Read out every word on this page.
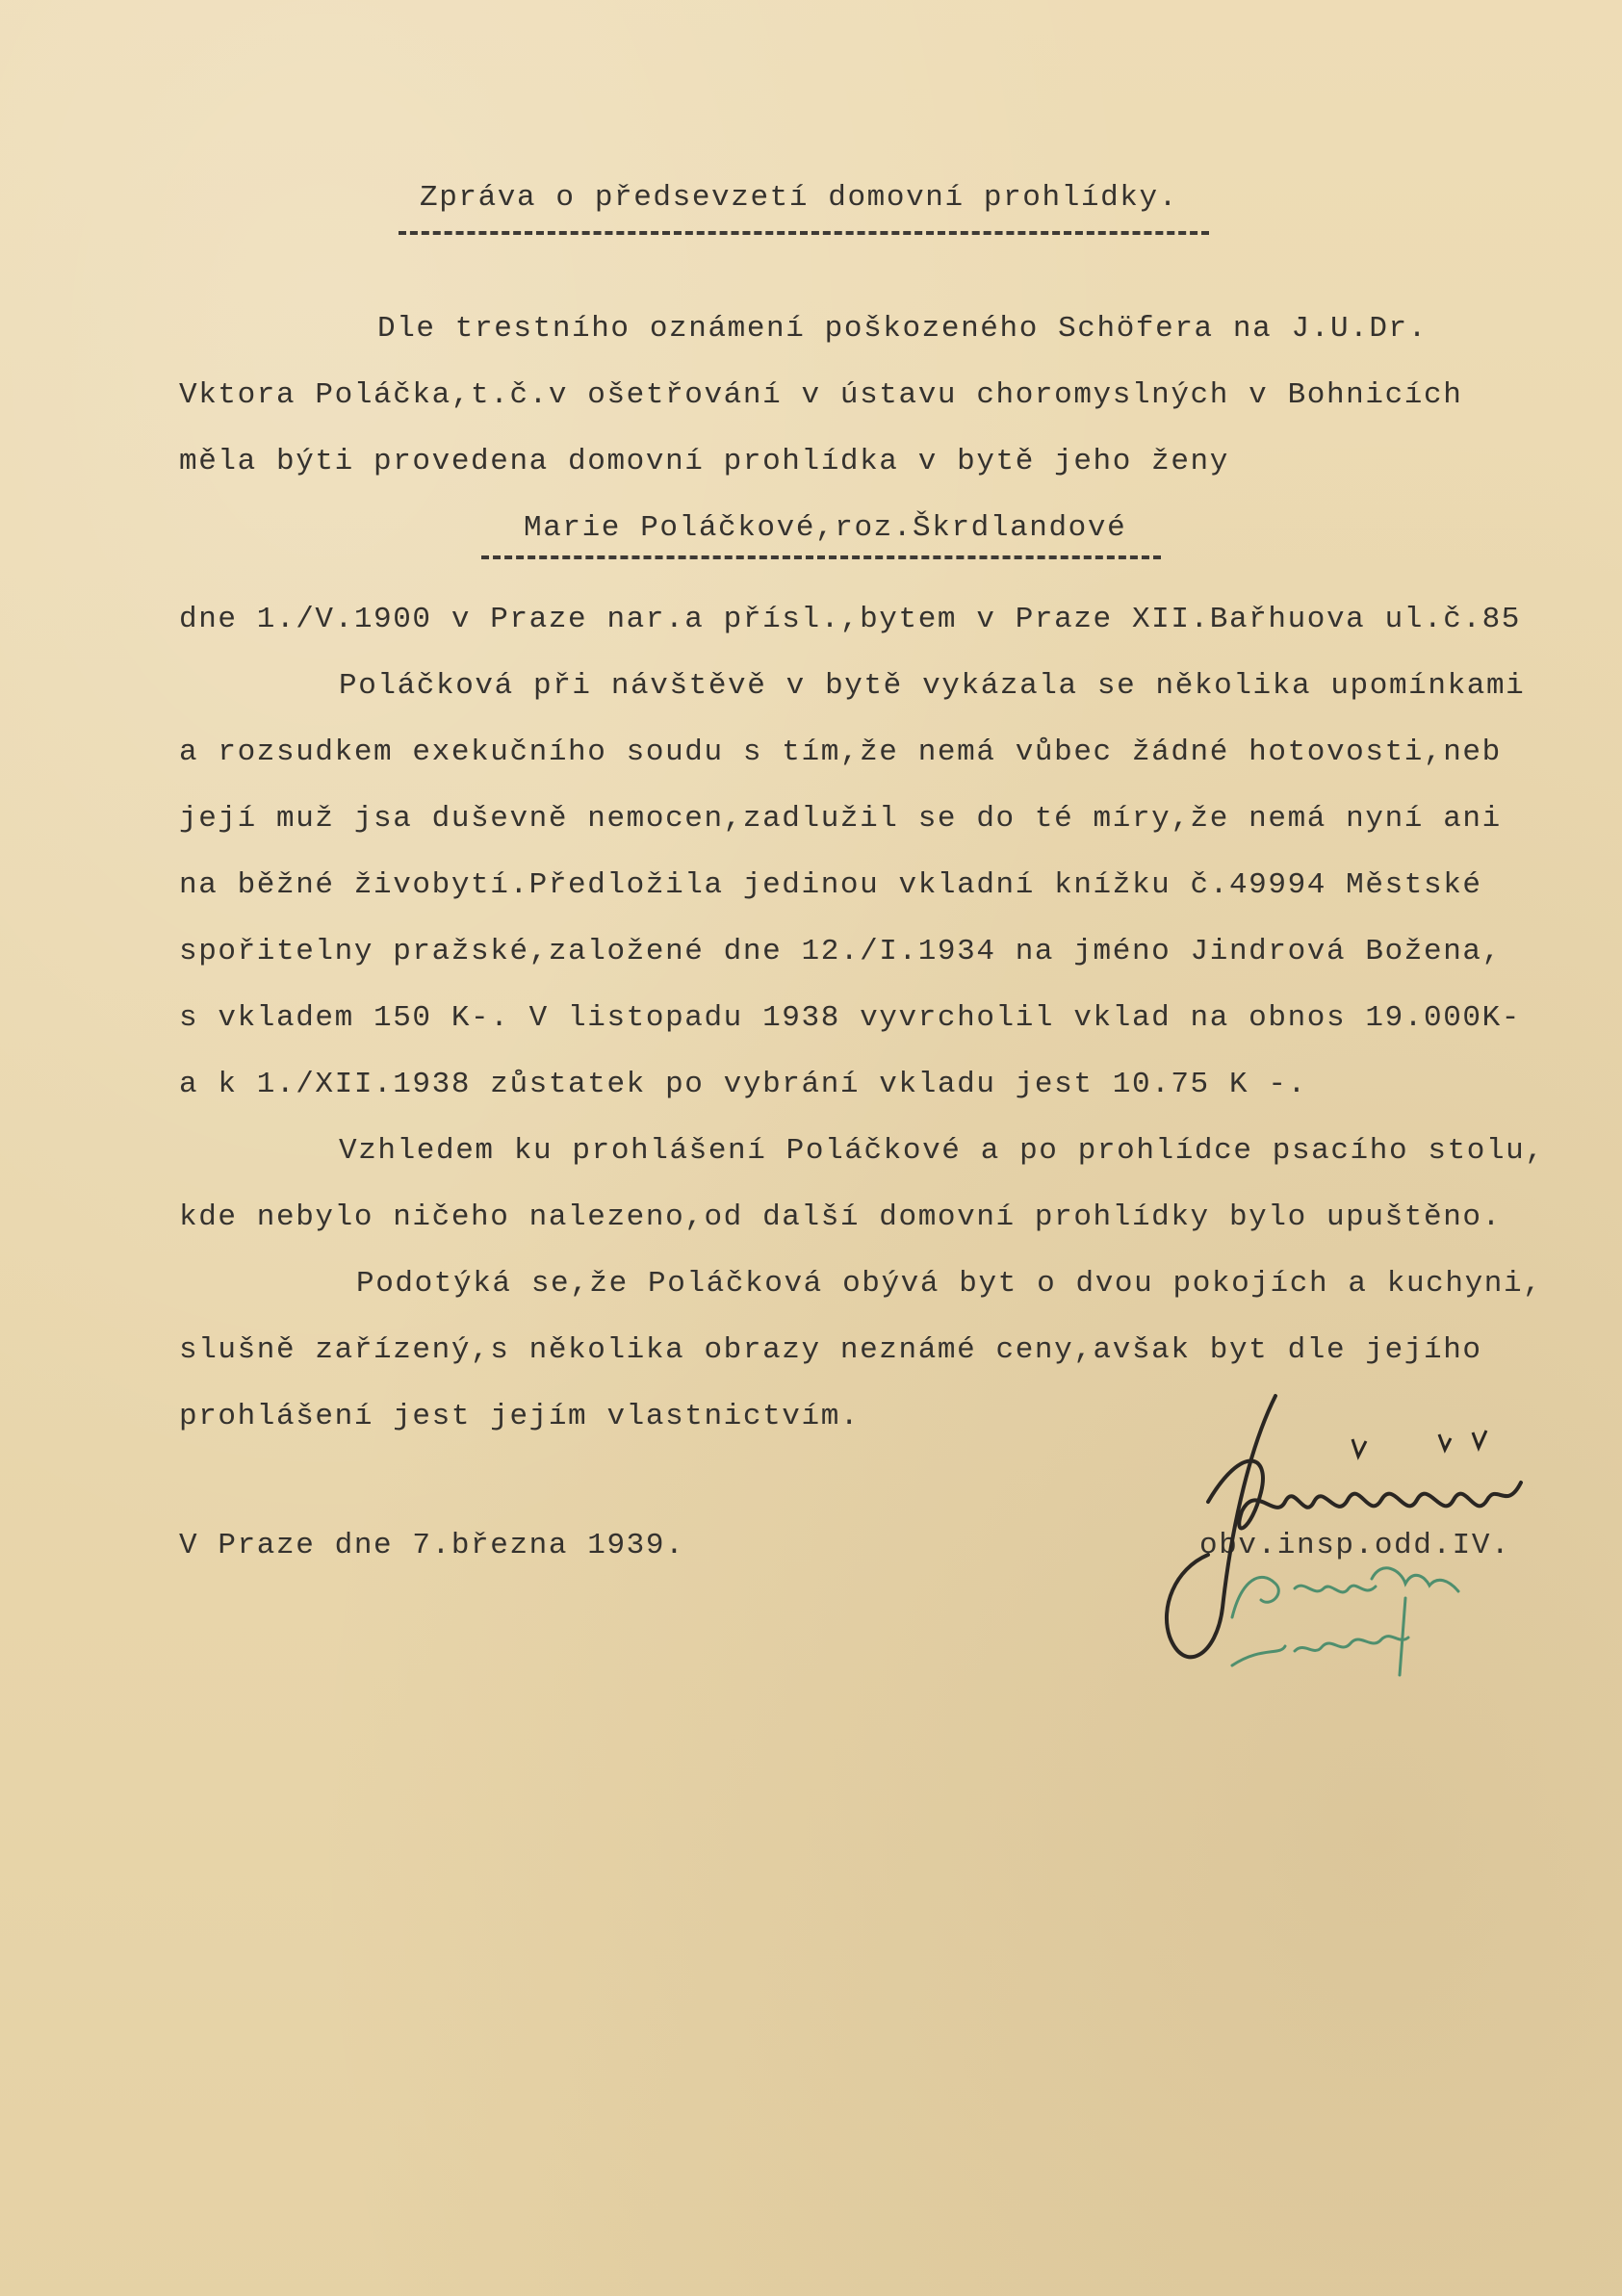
Zpráva o předsevzetí domovní prohlídky.
Dle trestního oznámení poškozeného Schöfera na J.U.Dr.
Vktora Poláčka,t.č.v ošetřování v ústavu choromyslných v Bohnicích
měla býti provedena domovní prohlídka v bytě jeho ženy
Marie Poláčkové,roz.Škrdlandové
dne 1./V.1900 v Praze nar.a přísl.,bytem v Praze XII.Bařhuova ul.č.85
Poláčková při návštěvě v bytě vykázala se několika upomínkami
a rozsudkem exekučního soudu s tím,že nemá vůbec žádné hotovosti,neb
její muž jsa duševně nemocen,zadlužil se do té míry,že nemá nyní ani
na běžné živobytí.Předložila jedinou vkladní knížku č.49994 Městské
spořitelny pražské,založené dne 12./I.1934 na jméno Jindrová Božena,
s vkladem 150 K-. V listopadu 1938 vyvrcholil vklad na obnos 19.000K-
a k 1./XII.1938 zůstatek po vybrání vkladu jest 10.75 K -.
Vzhledem ku prohlášení Poláčkové a po prohlídce psacího stolu,
kde nebylo ničeho nalezeno,od další domovní prohlídky bylo upuštěno.
Podotýká se,že Poláčková obývá byt o dvou pokojích a kuchyni,
slušně zařízený,s několika obrazy neznámé ceny,avšak byt dle jejího
prohlášení jest jejím vlastnictvím.
V Praze dne 7.března 1939.	obv.insp.odd.IV.
